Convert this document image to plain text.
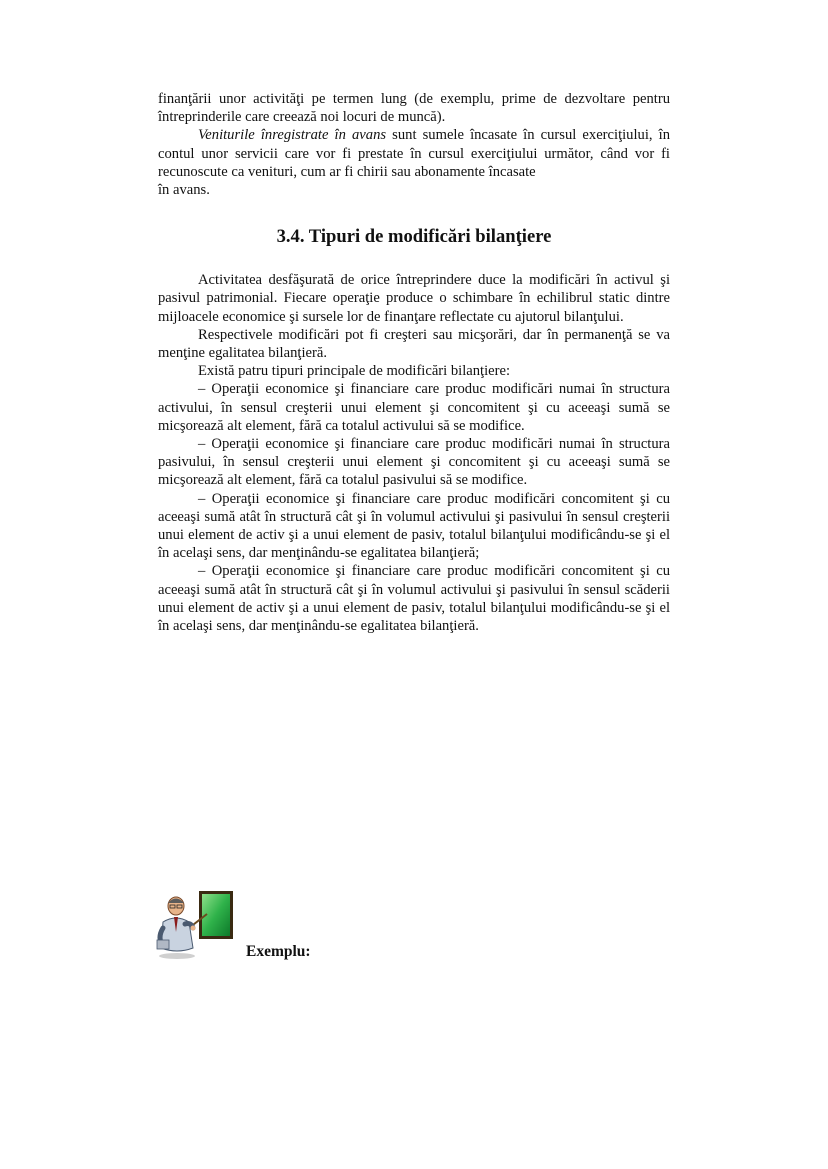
finanţării unor activităţi pe termen lung (de exemplu, prime de dezvoltare pentru întreprinderile care creează noi locuri de muncă).

Veniturile înregistrate în avans sunt sumele încasate în cursul exerciţiului, în contul unor servicii care vor fi prestate în cursul exerciţiului următor, când vor fi recunoscute ca venituri, cum ar fi chirii sau abonamente încasate

în avans.

3.4. Tipuri de modificări bilanţiere

Activitatea desfăşurată de orice întreprindere duce la modificări în activul şi pasivul patrimonial. Fiecare operaţie produce o schimbare în echilibrul static dintre mijloacele economice şi sursele lor de finanţare reflectate cu ajutorul bilanţului.

Respectivele modificări pot fi creşteri sau micşorări, dar în permanenţă se va menţine egalitatea bilanţieră.

Există patru tipuri principale de modificări bilanţiere:

– Operaţii economice şi financiare care produc modificări numai în structura activului, în sensul creşterii unui element şi concomitent şi cu aceeaşi sumă se micşorează alt element, fără ca totalul activului să se modifice.

– Operaţii economice şi financiare care produc modificări numai în structura pasivului, în sensul creşterii unui element şi concomitent şi cu aceeaşi sumă se micşorează alt element, fără ca totalul pasivului să se modifice.

– Operaţii economice şi financiare care produc modificări concomitent şi cu aceeaşi sumă atât în structură cât şi în volumul activului şi pasivului în sensul creşterii unui element de activ şi a unui element de pasiv, totalul bilanţului modificându-se şi el în acelaşi sens, dar menţinându-se egalitatea bilanţieră;

– Operaţii economice şi financiare care produc modificări concomitent şi cu aceeaşi sumă atât în structură cât şi în volumul activului şi pasivului în sensul scăderii unui element de activ şi a unui element de pasiv, totalul bilanţului modificându-se şi el în acelaşi sens, dar menţinându-se egalitatea bilanţieră.

Exemplu:
